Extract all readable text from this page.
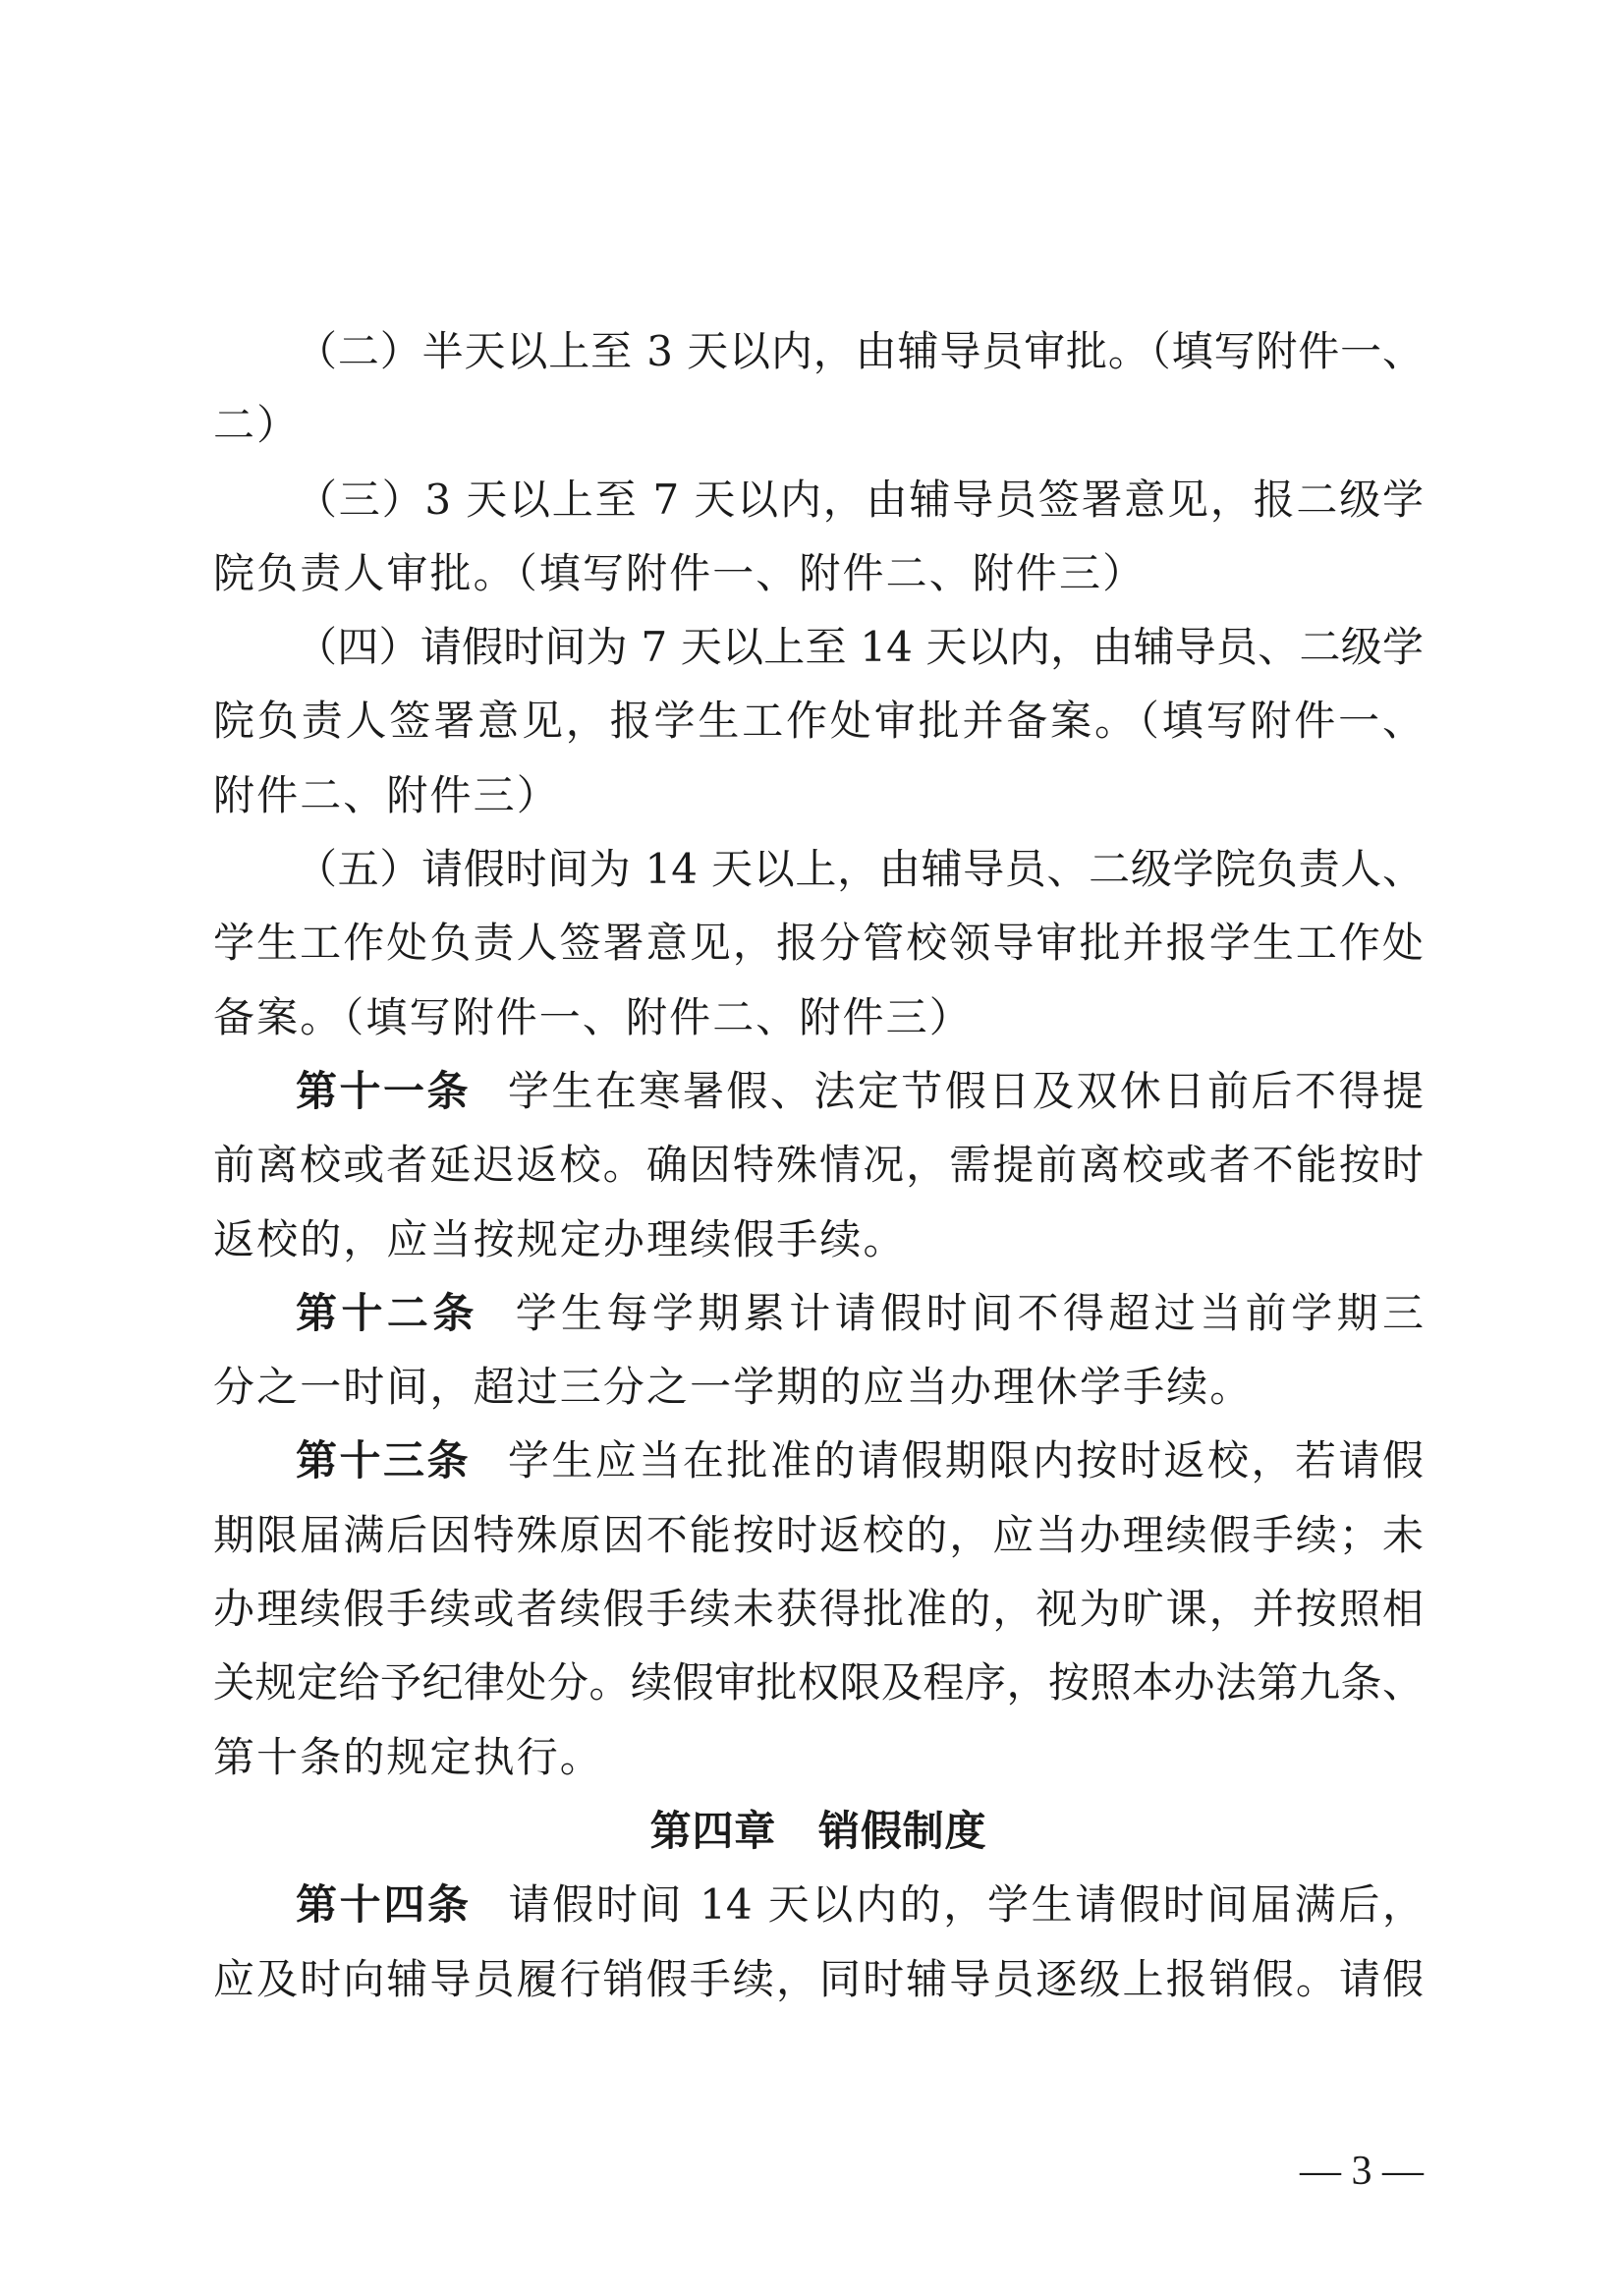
（二）半天以上至 3 天以内，由辅导员审批。（填写附件一、
二）
（三）3 天以上至 7 天以内，由辅导员签署意见，报二级学
院负责人审批。（填写附件一、附件二、附件三）
（四）请假时间为 7 天以上至 14 天以内，由辅导员、二级学
院负责人签署意见，报学生工作处审批并备案。（填写附件一、
附件二、附件三）
（五）请假时间为 14 天以上，由辅导员、二级学院负责人、
学生工作处负责人签署意见，报分管校领导审批并报学生工作处
备案。（填写附件一、附件二、附件三）
第十一条 学生在寒暑假、法定节假日及双休日前后不得提
前离校或者延迟返校。确因特殊情况，需提前离校或者不能按时
返校的，应当按规定办理续假手续。
第十二条 学生每学期累计请假时间不得超过当前学期三
分之一时间，超过三分之一学期的应当办理休学手续。
第十三条 学生应当在批准的请假期限内按时返校，若请假
期限届满后因特殊原因不能按时返校的，应当办理续假手续；未
办理续假手续或者续假手续未获得批准的，视为旷课，并按照相
关规定给予纪律处分。续假审批权限及程序，按照本办法第九条、
第十条的规定执行。
第四章　销假制度
第十四条 请假时间 14 天以内的，学生请假时间届满后，
应及时向辅导员履行销假手续，同时辅导员逐级上报销假。请假
— 3 —
